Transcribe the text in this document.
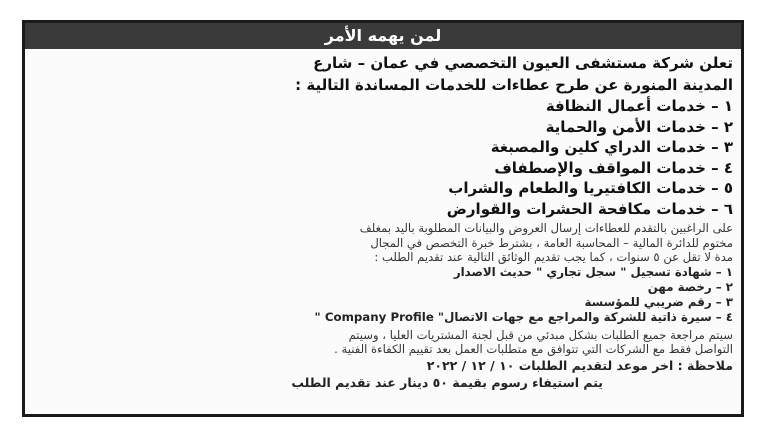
لمن يهمه الأمر
تعلن شركة مستشفى العيون التخصصي في عمان – شارع
المدينة المنورة عن طرح عطاءات للخدمات المساندة التالية :
١ – خدمات أعمال النظافة
٢ – خدمات الأمن والحماية
٣ – خدمات الدراي كلين والمصبغة
٤ – خدمات المواقف والإصطفاف
٥ – خدمات الكافتيريا والطعام والشراب
٦ – خدمات مكافحة الحشرات والقوارض
على الراغبين بالتقدم للعطاءات إرسال العروض والبيانات المطلوبة باليد بمغلف
مختوم للدائرة المالية – المحاسبة العامة ، بشترط خبرة التخصص في المجال
مدة لا تقل عن ٥ سنوات ، كما يجب تقديم الوثائق التالية عند تقديم الطلب :
١ – شهادة تسجيل " سجل تجاري " حديث الاصدار
٢ – رخصة مهن
٣ – رقم ضريبي للمؤسسة
٤ – سيرة ذاتية للشركة والمراجع مع جهات الاتصال" Company Profile "
سيتم مراجعة جميع الطلبات بشكل مبدئي من قبل لجنة المشتريات العليا ، وسيتم
التواصل فقط مع الشركات التي تتوافق مع متطلبات العمل بعد تقييم الكفاءة الفنية .
ملاحظة : اخر موعد لتقديم الطلبات ١٠ / ١٢ / ٢٠٢٢
يتم استيفاء رسوم بقيمة ٥٠ دينار عند تقديم الطلب
